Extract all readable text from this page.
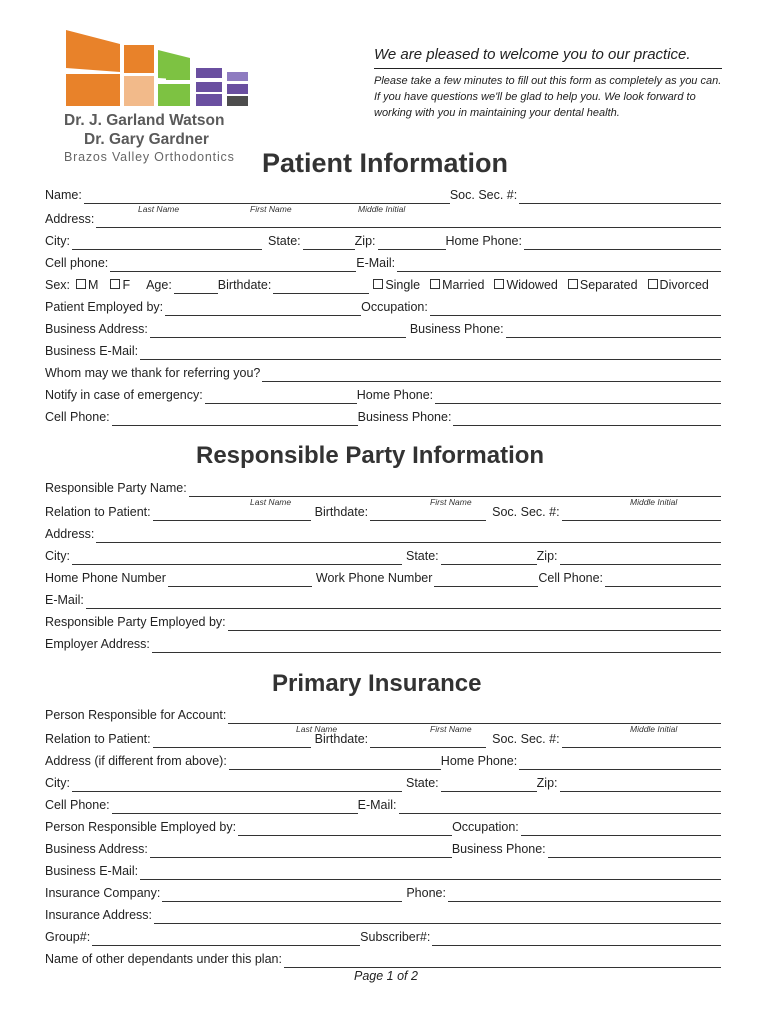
Dr. J. Garland Watson
Dr. Gary Gardner
Brazos Valley Orthodontics
We are pleased to welcome you to our practice.
Please take a few minutes to fill out this form as completely as you can. If you have questions we'll be glad to help you. We look forward to working with you in maintaining your dental health.
Patient Information
Name:	Soc. Sec. #:
Last Name	First Name	Middle Initial
Address:
City:	State:	Zip:	Home Phone:
Cell phone:	E-Mail:
Sex:	M	F	Age:	Birthdate:	Single	Married	Widowed	Separated	Divorced
Patient Employed by:	Occupation:
Business Address:	Business Phone:
Business E-Mail:
Whom may we thank for referring you?
Notify in case of emergency:	Home Phone:
Cell Phone:	Business Phone:
Responsible Party Information
Responsible Party Name:
Last Name	First Name	Middle Initial
Relation to Patient:	Birthdate:	Soc. Sec. #:
Address:
City:	State:	Zip:
Home Phone Number	Work Phone Number	Cell Phone:
E-Mail:
Responsible Party Employed by:
Employer Address:
Primary Insurance
Person Responsible for Account:
Last Name	First Name	Middle Initial
Relation to Patient:	Birthdate:	Soc. Sec. #:
Address (if different from above):	Home Phone:
City:	State:	Zip:
Cell Phone:	E-Mail:
Person Responsible Employed by:	Occupation:
Business Address:	Business Phone:
Business E-Mail:
Insurance Company:	Phone:
Insurance Address:
Group#:	Subscriber#:
Name of other dependants under this plan:
Page 1 of 2
